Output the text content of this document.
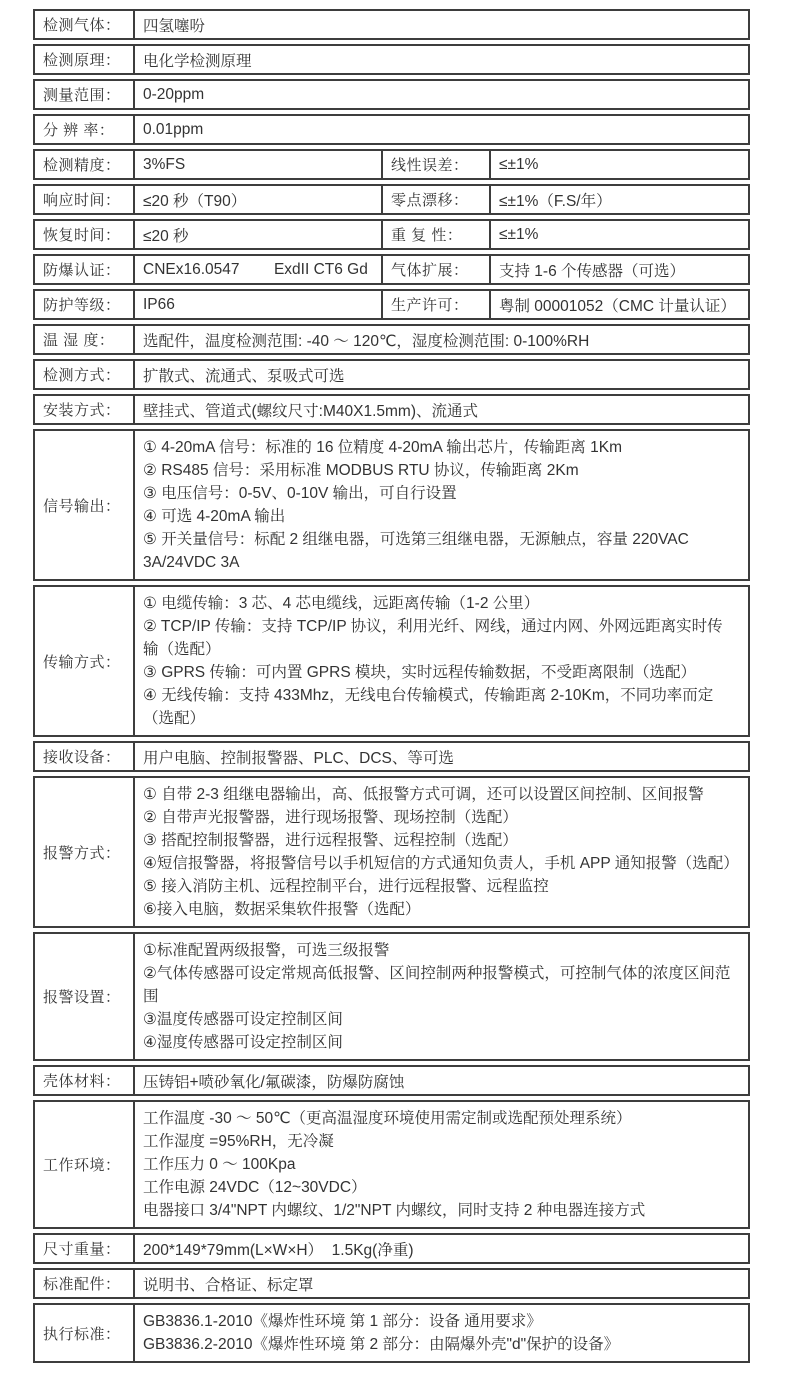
检测气体：	四氢噻吩
检测原理：	电化学检测原理
测量范围：	0-20ppm
分 辨 率：	0.01ppm
检测精度：	3%FS	线性误差：	≤±1%
响应时间：	≤20 秒（T90）	零点漂移：	≤±1%（F.S/年）
恢复时间：	≤20 秒	重 复 性：	≤±1%
防爆认证：	CNEx16.0547        ExdII CT6 Gd	气体扩展：	支持 1-6 个传感器（可选）
防护等级：	IP66	生产许可：	粤制 00001052（CMC 计量认证）
温 湿 度：	选配件，温度检测范围: -40 ～ 120℃，湿度检测范围: 0-100%RH
检测方式：	扩散式、流通式、泵吸式可选
安装方式：	壁挂式、管道式(螺纹尺寸:M40X1.5mm)、流通式
信号输出：
① 4-20mA 信号：标准的 16 位精度 4-20mA 输出芯片，传输距离 1Km
② RS485 信号：采用标准 MODBUS RTU 协议，传输距离 2Km
③ 电压信号：0-5V、0-10V 输出，可自行设置
④ 可选 4-20mA 输出
⑤ 开关量信号：标配 2 组继电器，可选第三组继电器，无源触点，容量 220VAC 3A/24VDC 3A
传输方式：
① 电缆传输：3 芯、4 芯电缆线，远距离传输（1-2 公里）
② TCP/IP 传输：支持 TCP/IP 协议，利用光纤、网线，通过内网、外网远距离实时传输（选配）
③ GPRS 传输：可内置 GPRS 模块，实时远程传输数据，不受距离限制（选配）
④ 无线传输：支持 433Mhz，无线电台传输模式，传输距离 2-10Km，不同功率而定（选配）
接收设备：	用户电脑、控制报警器、PLC、DCS、等可选
报警方式：
① 自带 2-3 组继电器输出，高、低报警方式可调，还可以设置区间控制、区间报警
② 自带声光报警器，进行现场报警、现场控制（选配）
③ 搭配控制报警器，进行远程报警、远程控制（选配）
④短信报警器，将报警信号以手机短信的方式通知负责人，手机 APP 通知报警（选配）
⑤ 接入消防主机、远程控制平台，进行远程报警、远程监控
⑥接入电脑，数据采集软件报警（选配）
报警设置：
①标准配置两级报警，可选三级报警
②气体传感器可设定常规高低报警、区间控制两种报警模式，可控制气体的浓度区间范围
③温度传感器可设定控制区间
④湿度传感器可设定控制区间
壳体材料：	压铸铝+喷砂氧化/氟碳漆，防爆防腐蚀
工作环境：
工作温度 -30 ～ 50℃（更高温湿度环境使用需定制或选配预处理系统）
工作湿度 =95%RH，无冷凝
工作压力 0 ～ 100Kpa
工作电源 24VDC（12~30VDC）
电器接口 3/4"NPT 内螺纹、1/2"NPT 内螺纹，同时支持 2 种电器连接方式
尺寸重量：	200*149*79mm(L×W×H）  1.5Kg(净重)
标准配件：	说明书、合格证、标定罩
执行标准：
GB3836.1-2010《爆炸性环境 第 1 部分：设备 通用要求》
GB3836.2-2010《爆炸性环境 第 2 部分：由隔爆外壳"d"保护的设备》
